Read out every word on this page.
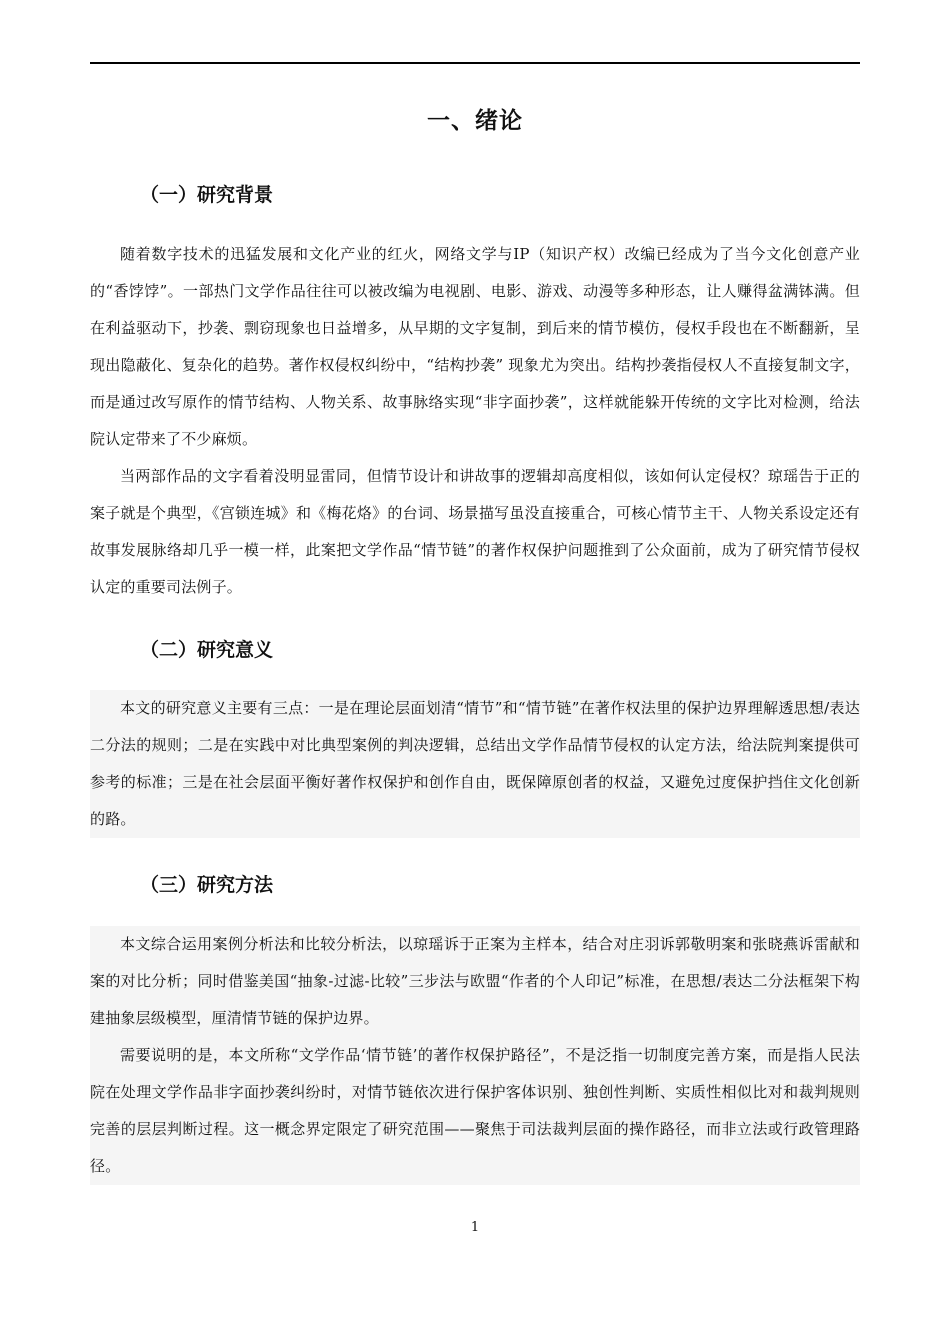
一、绪论
（一）研究背景

随着数字技术的迅猛发展和文化产业的红火，网络文学与IP（知识产权）改编已经成为了当今文化创意产业的“香饽饽”。一部热门文学作品往往可以被改编为电视剧、电影、游戏、动漫等多种形态，让人赚得盆满钵满。但在利益驱动下，抄袭、剽窃现象也日益增多，从早期的文字复制，到后来的情节模仿，侵权手段也在不断翻新，呈现出隐蔽化、复杂化的趋势。著作权侵权纠纷中，“结构抄袭” 现象尤为突出。结构抄袭指侵权人不直接复制文字，而是通过改写原作的情节结构、人物关系、故事脉络实现“非字面抄袭”，这样就能躲开传统的文字比对检测，给法院认定带来了不少麻烦。

当两部作品的文字看着没明显雷同，但情节设计和讲故事的逻辑却高度相似，该如何认定侵权？琼瑶告于正的案子就是个典型，《宫锁连城》和《梅花烙》的台词、场景描写虽没直接重合，可核心情节主干、人物关系设定还有故事发展脉络却几乎一模一样，此案把文学作品“情节链”的著作权保护问题推到了公众面前，成为了研究情节侵权认定的重要司法例子。

（二）研究意义

本文的研究意义主要有三点：一是在理论层面划清“情节”和“情节链”在著作权法里的保护边界理解透思想/表达二分法的规则；二是在实践中对比典型案例的判决逻辑，总结出文学作品情节侵权的认定方法，给法院判案提供可参考的标准；三是在社会层面平衡好著作权保护和创作自由，既保障原创者的权益，又避免过度保护挡住文化创新的路。

（三）研究方法

本文综合运用案例分析法和比较分析法，以琼瑶诉于正案为主样本，结合对庄羽诉郭敬明案和张晓燕诉雷献和案的对比分析；同时借鉴美国“抽象-过滤-比较”三步法与欧盟“作者的个人印记”标准，在思想/表达二分法框架下构建抽象层级模型，厘清情节链的保护边界。

需要说明的是，本文所称“文学作品‘情节链’的著作权保护路径”，不是泛指一切制度完善方案，而是指人民法院在处理文学作品非字面抄袭纠纷时，对情节链依次进行保护客体识别、独创性判断、实质性相似比对和裁判规则完善的层层判断过程。这一概念界定限定了研究范围——聚焦于司法裁判层面的操作路径，而非立法或行政管理路径。

1
